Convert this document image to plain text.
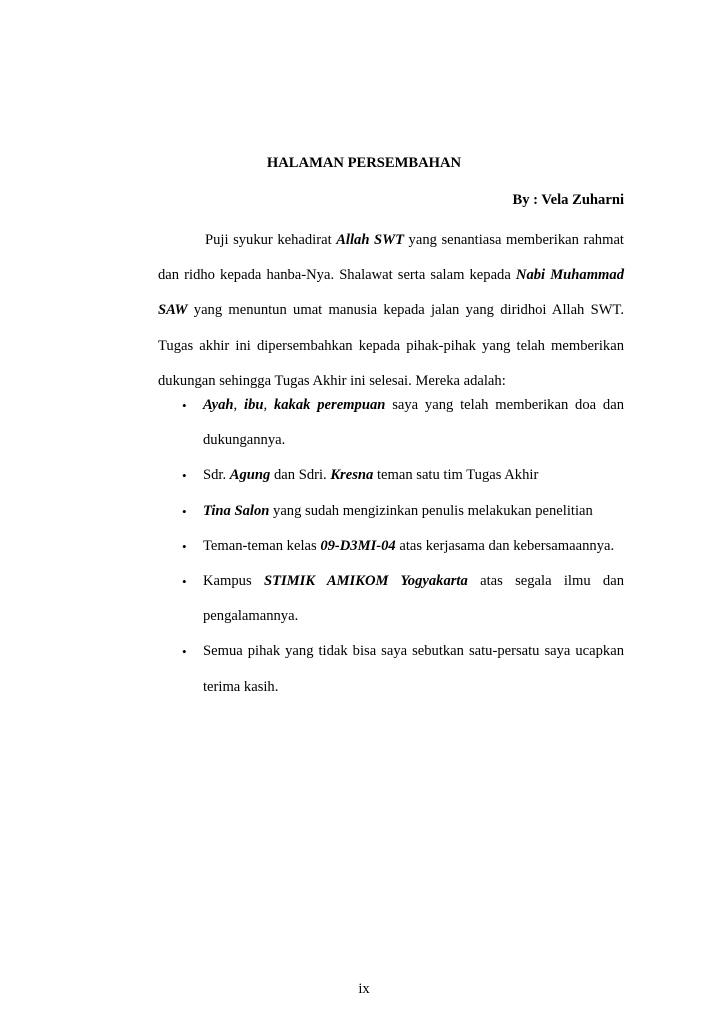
HALAMAN PERSEMBAHAN
By : Vela Zuharni

Puji syukur kehadirat Allah SWT yang senantiasa memberikan rahmat dan ridho kepada hanba-Nya. Shalawat serta salam kepada Nabi Muhammad SAW yang menuntun umat manusia kepada jalan yang diridhoi Allah SWT. Tugas akhir ini dipersembahkan kepada pihak-pihak yang telah memberikan dukungan sehingga Tugas Akhir ini selesai. Mereka adalah:

• Ayah, ibu, kakak perempuan saya yang telah memberikan doa dan dukungannya.
• Sdr. Agung dan Sdri. Kresna teman satu tim Tugas Akhir
• Tina Salon yang sudah mengizinkan penulis melakukan penelitian
• Teman-teman kelas 09-D3MI-04 atas kerjasama dan kebersamaannya.
• Kampus STIMIK AMIKOM Yogyakarta atas segala ilmu dan pengalamannya.
• Semua pihak yang tidak bisa saya sebutkan satu-persatu saya ucapkan terima kasih.
ix
